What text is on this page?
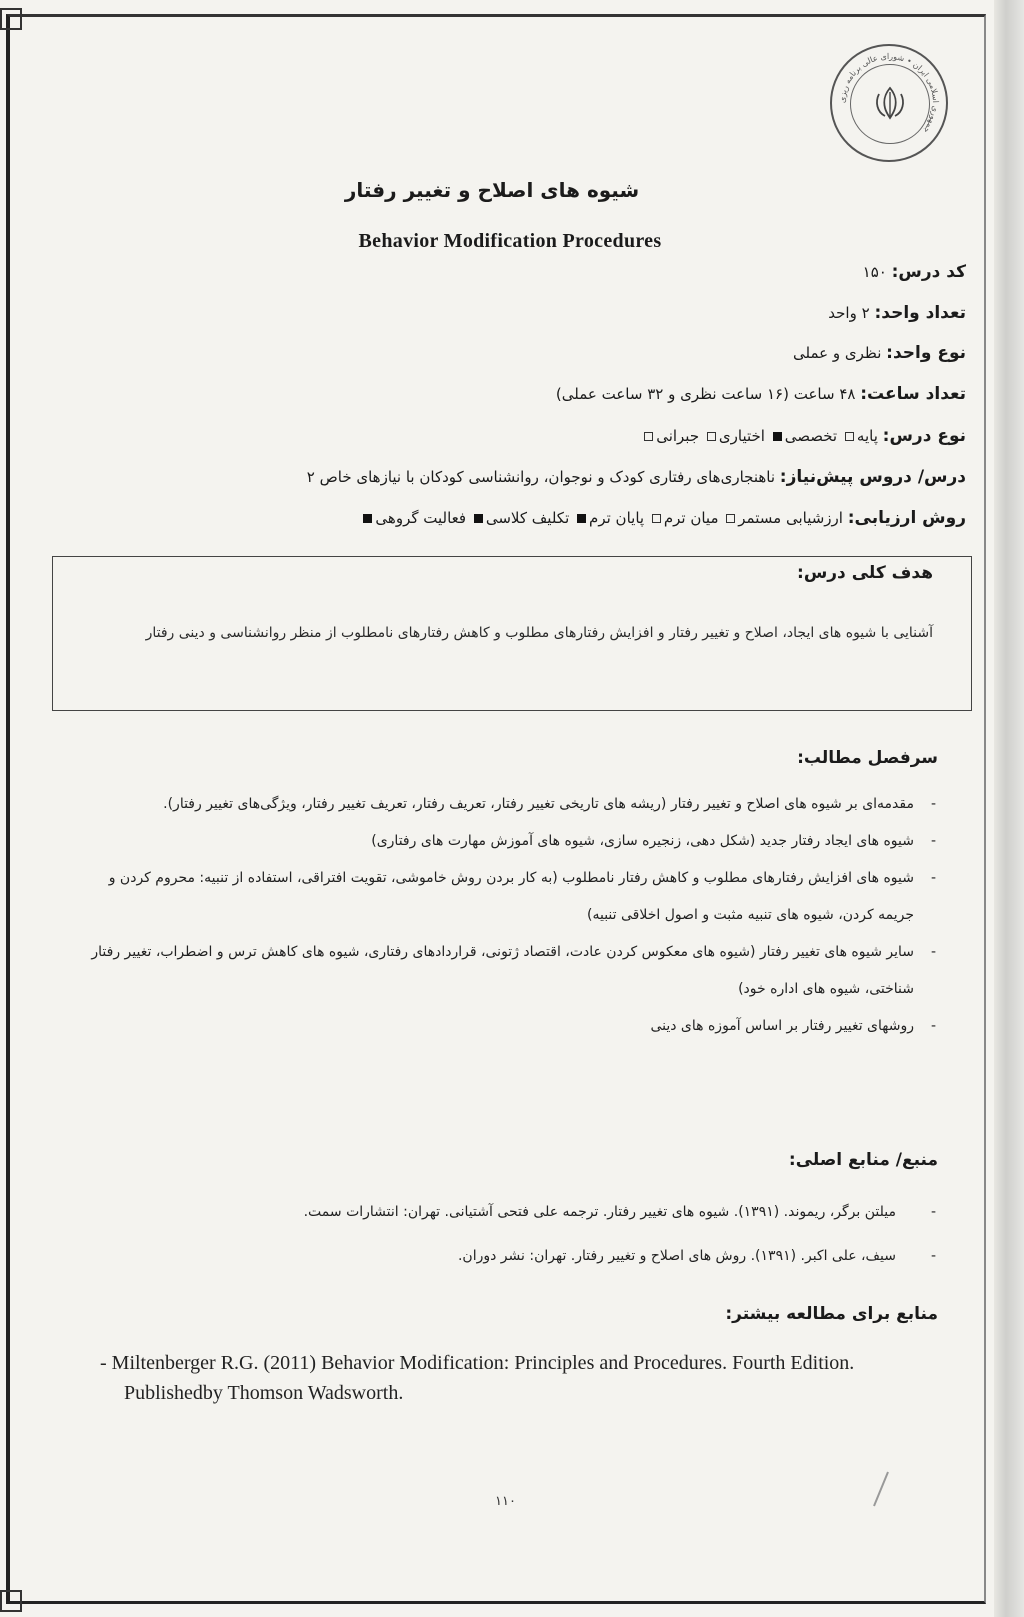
جمهوری اسلامی ایران • شورای عالی برنامه ریزی
شیوه های اصلاح و تغییر رفتار
Behavior Modification Procedures
کد درس: ۱۵۰
تعداد واحد: ۲ واحد
نوع واحد: نظری و عملی
تعداد ساعت: ۴۸ ساعت (۱۶ ساعت نظری و ۳۲ ساعت عملی)
نوع درس: پایه تخصصی اختیاری جبرانی
درس/ دروس پیش‌نیاز: ناهنجاری‌های رفتاری کودک و نوجوان، روانشناسی کودکان با نیازهای خاص ۲
روش ارزیابی: ارزشیابی مستمر میان ترم پایان ترم تکلیف کلاسی فعالیت گروهی
هدف کلی درس:
آشنایی با شیوه های ایجاد، اصلاح و تغییر رفتار و افزایش رفتارهای مطلوب و کاهش رفتارهای نامطلوب از منظر روانشناسی و دینی رفتار
سرفصل مطالب:
- مقدمه‌ای بر شیوه های اصلاح و تغییر رفتار (ریشه های تاریخی تغییر رفتار، تعریف رفتار، تعریف تغییر رفتار، ویژگی‌های تغییر رفتار).
- شیوه های ایجاد رفتار جدید (شکل دهی، زنجیره سازی، شیوه های آموزش مهارت های رفتاری)
- شیوه های افزایش رفتارهای مطلوب و کاهش رفتار نامطلوب (به کار بردن روش خاموشی، تقویت افتراقی، استفاده از تنبیه: محروم کردن و جریمه کردن، شیوه های تنبیه مثبت و اصول اخلاقی تنبیه)
- سایر شیوه های تغییر رفتار (شیوه های معکوس کردن عادت، اقتصاد ژتونی، قراردادهای رفتاری، شیوه های کاهش ترس و اضطراب، تغییر رفتار شناختی، شیوه های اداره خود)
- روشهای تغییر رفتار بر اساس آموزه های دینی
منبع/ منابع اصلی:
- میلتن برگر، ریموند. (۱۳۹۱). شیوه های تغییر رفتار. ترجمه علی فتحی آشتیانی. تهران: انتشارات سمت.
- سیف، علی اکبر. (۱۳۹۱). روش های اصلاح و تغییر رفتار. تهران: نشر دوران.
منابع برای مطالعه بیشتر:
- Miltenberger R.G. (2011) Behavior Modification: Principles and Procedures. Fourth Edition. Publishedby Thomson Wadsworth.
۱۱۰
